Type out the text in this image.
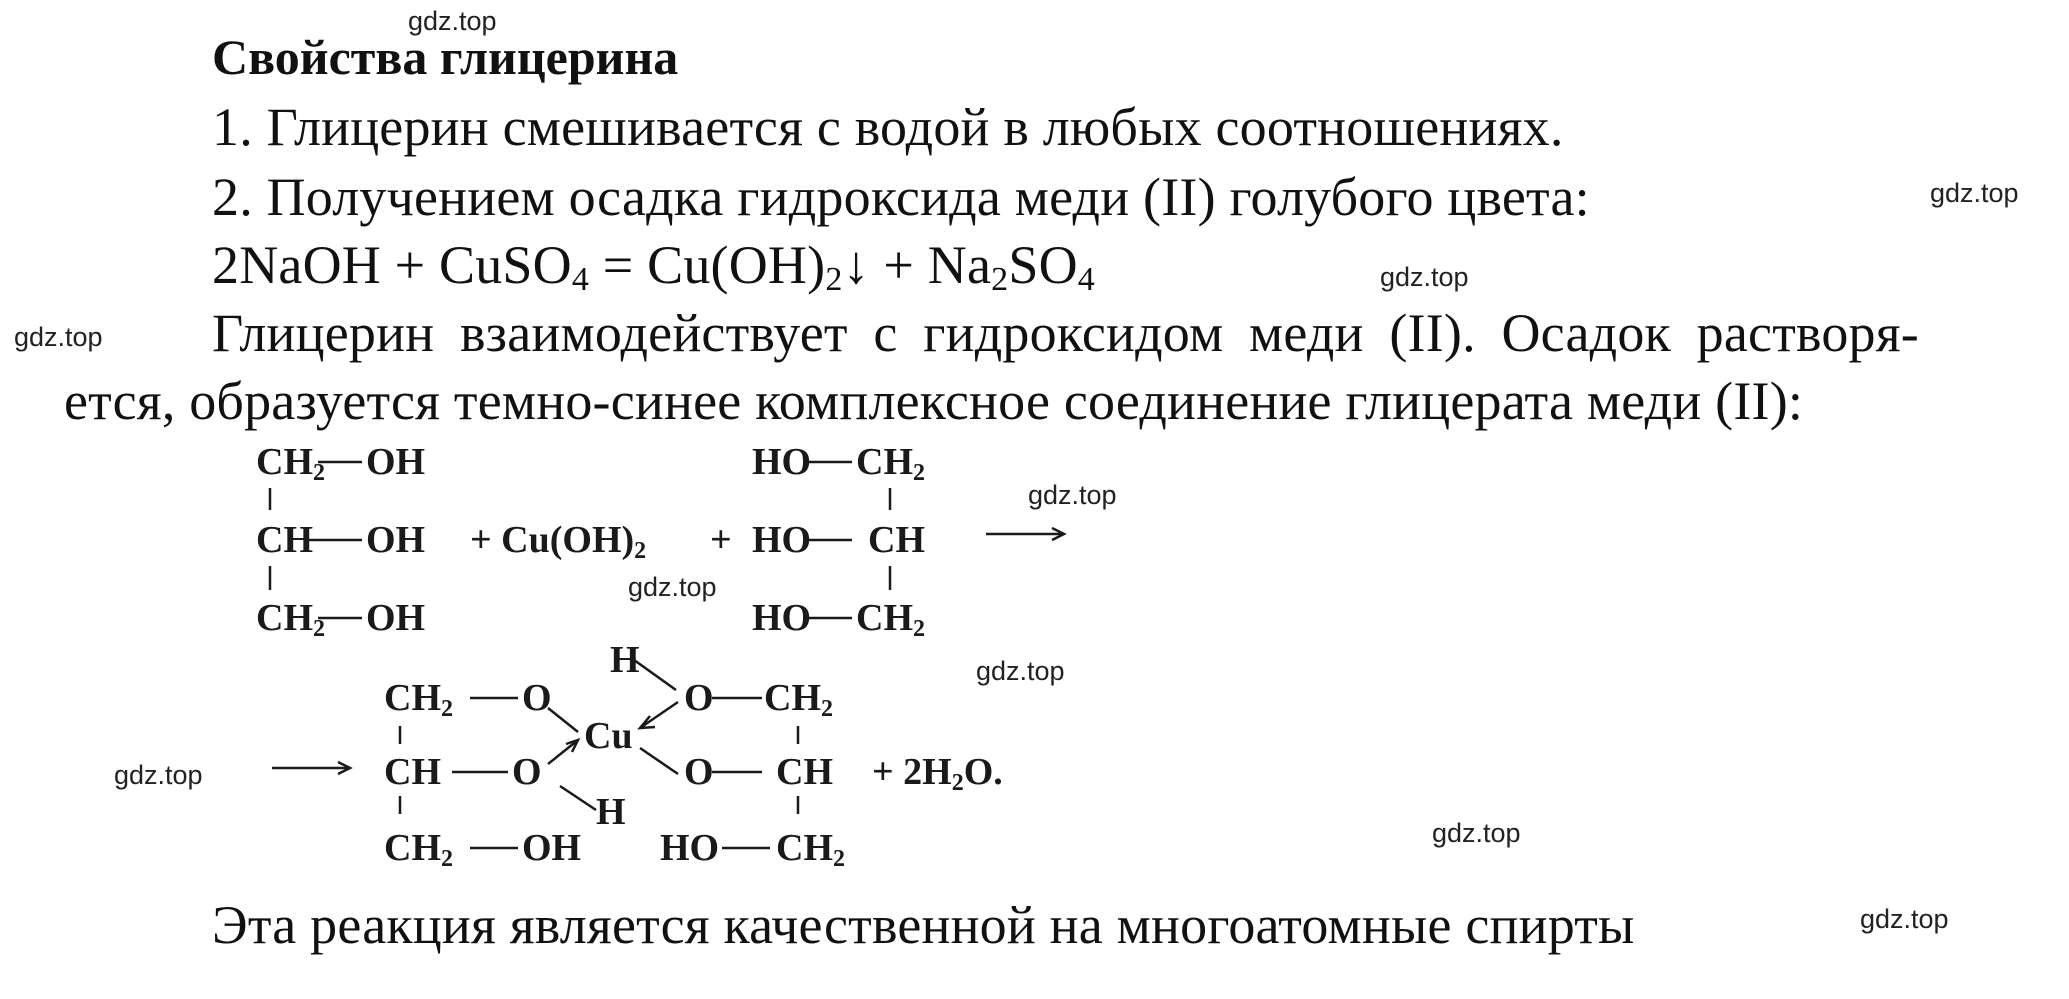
gdz.top
gdz.top
gdz.top
gdz.top
gdz.top
gdz.top
gdz.top
gdz.top
gdz.top
gdz.top
Свойства глицерина
1. Глицерин смешивается с водой в любых соотношениях.
2. Получением осадка гидроксида меди (II) голубого цвета:
2NaOH + CuSO$_4$ = $Cu(OH)_2↓ + Na_2SO_4$
Глицерин взаимодействует с гидроксидом меди (II). Осадок растворя-
ется, образуется темно-синее комплексное соединение глицерата меди (II):
$CH_2$ OH
CH OH
$CH_2$ OH
+ $Cu(OH)_2$ +
HO $CH_2$
HO CH
HO $CH_2$
$CH_2$ O
CH O
$CH_2$ OH
Cu
H
H
O $CH_2$
O CH
HO $CH_2$
+ $2H_2O$.
Эта реакция является качественной на многоатомные спирты
